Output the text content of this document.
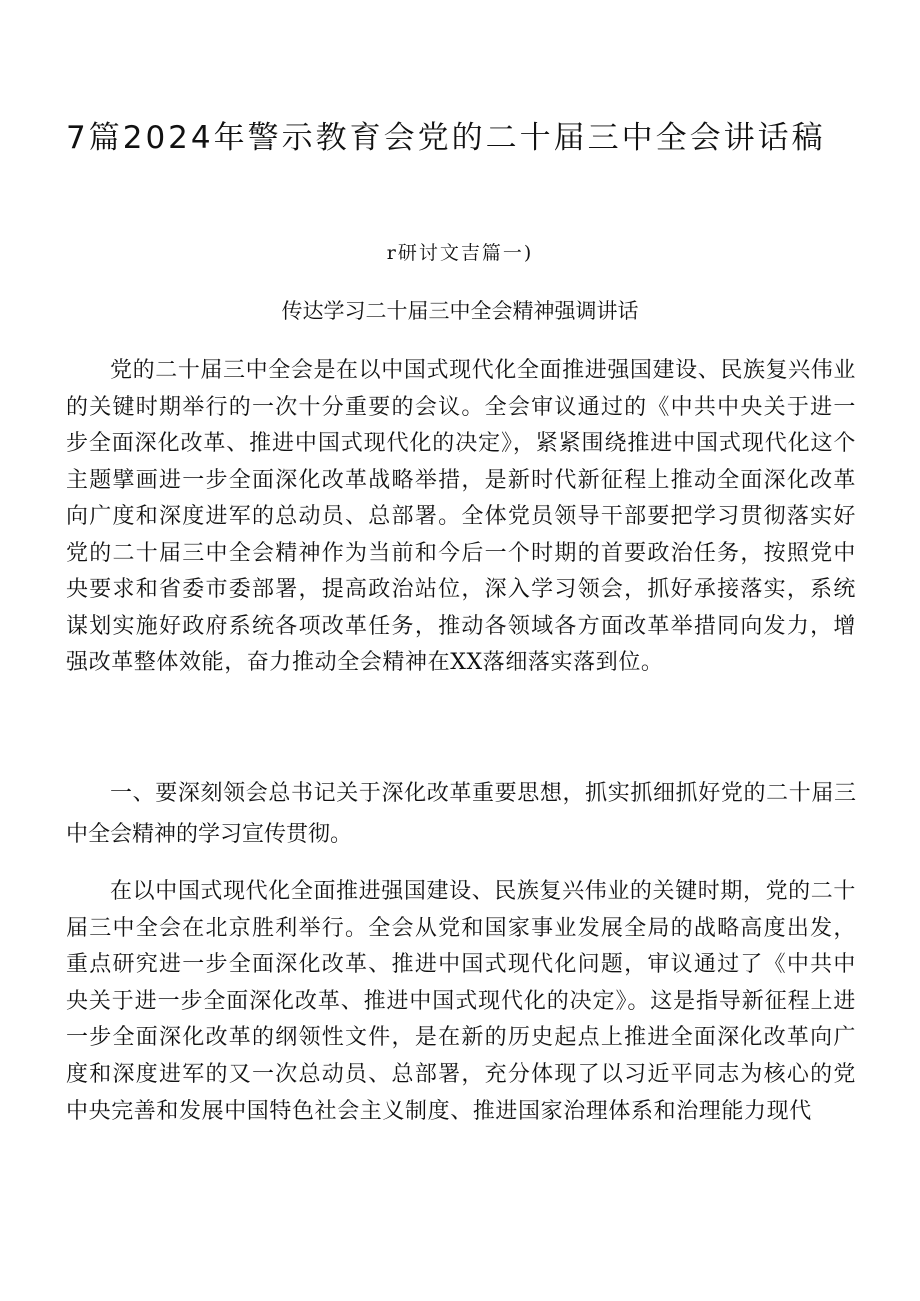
7篇2024年警示教育会党的二十届三中全会讲话稿

r研讨文吉篇一)

传达学习二十届三中全会精神强调讲话

党的二十届三中全会是在以中国式现代化全面推进强国建设、民族复兴伟业的关键时期举行的一次十分重要的会议。全会审议通过的《中共中央关于进一步全面深化改革、推进中国式现代化的决定》，紧紧围绕推进中国式现代化这个主题擘画进一步全面深化改革战略举措，是新时代新征程上推动全面深化改革向广度和深度进军的总动员、总部署。全体党员领导干部要把学习贯彻落实好党的二十届三中全会精神作为当前和今后一个时期的首要政治任务，按照党中央要求和省委市委部署，提高政治站位，深入学习领会，抓好承接落实，系统谋划实施好政府系统各项改革任务，推动各领域各方面改革举措同向发力，增强改革整体效能，奋力推动全会精神在XX落细落实落到位。

一、要深刻领会总书记关于深化改革重要思想，抓实抓细抓好党的二十届三中全会精神的学习宣传贯彻。

在以中国式现代化全面推进强国建设、民族复兴伟业的关键时期，党的二十届三中全会在北京胜利举行。全会从党和国家事业发展全局的战略高度出发，重点研究进一步全面深化改革、推进中国式现代化问题，审议通过了《中共中央关于进一步全面深化改革、推进中国式现代化的决定》。这是指导新征程上进一步全面深化改革的纲领性文件，是在新的历史起点上推进全面深化改革向广度和深度进军的又一次总动员、总部署，充分体现了以习近平同志为核心的党中央完善和发展中国特色社会主义制度、推进国家治理体系和治理能力现代
